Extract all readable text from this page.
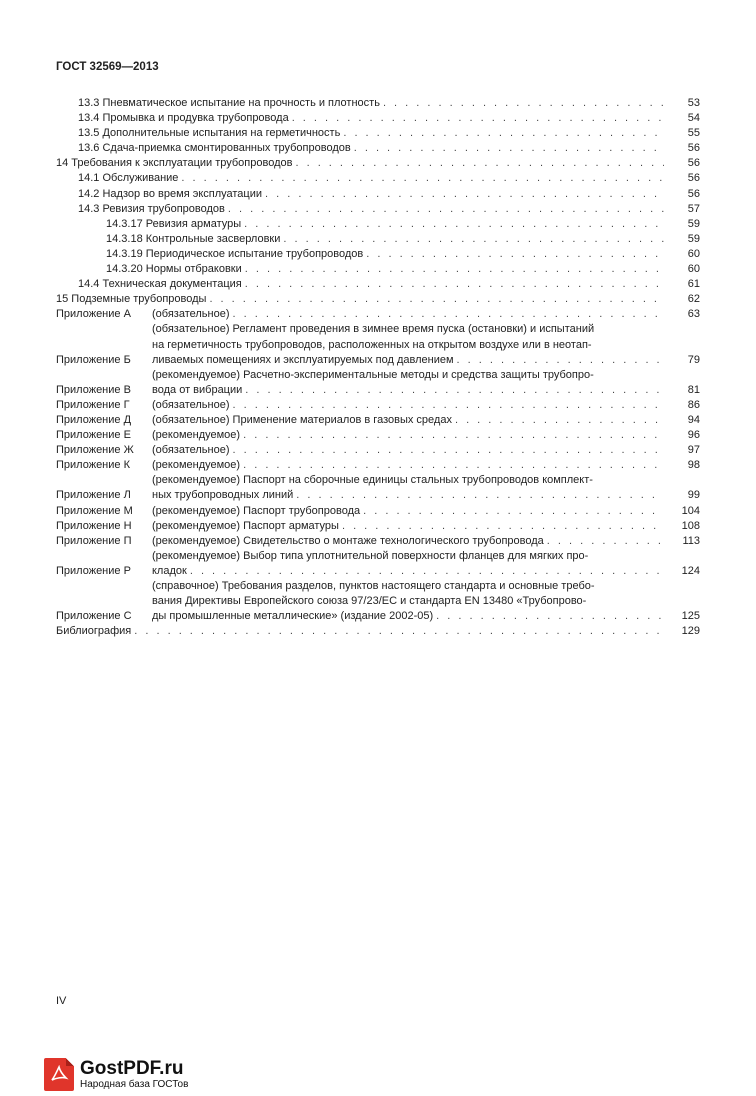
ГОСТ 32569—2013
13.3 Пневматическое испытание на прочность и плотность . . .	53
13.4 Промывка и продувка трубопровода . . .	54
13.5 Дополнительные испытания на герметичность . . .	55
13.6 Сдача-приемка смонтированных трубопроводов . . .	56
14 Требования к эксплуатации трубопроводов . . .	56
14.1 Обслуживание . . .	56
14.2 Надзор во время эксплуатации . . .	56
14.3 Ревизия трубопроводов . . .	57
14.3.17 Ревизия арматуры . . .	59
14.3.18 Контрольные засверловки . . .	59
14.3.19 Периодическое испытание трубопроводов . . .	60
14.3.20 Нормы отбраковки . . .	60
14.4 Техническая документация . . .	61
15 Подземные трубопроводы . . .	62
Приложение А	(обязательное) . . .	63
Приложение Б
(обязательное) Регламент проведения в зимнее время пуска (остановки) и испытаний
на герметичность трубопроводов, расположенных на открытом воздухе или в неотап-
ливаемых помещениях и эксплуатируемых под давлением . . .	79
Приложение В
(рекомендуемое) Расчетно-экспериментальные методы и средства защиты трубопро-
вода от вибрации . . .	81
Приложение Г	(обязательное) . . .	86
Приложение Д	(обязательное) Применение материалов в газовых средах . . .	94
Приложение Е	(рекомендуемое) . . .	96
Приложение Ж	(обязательное) . . .	97
Приложение К	(рекомендуемое) . . .	98
Приложение Л
(рекомендуемое) Паспорт на сборочные единицы стальных трубопроводов комплект-
ных трубопроводных линий . . .	99
Приложение М	(рекомендуемое) Паспорт трубопровода . . .	104
Приложение Н	(рекомендуемое) Паспорт арматуры . . .	108
Приложение П	(рекомендуемое) Свидетельство о монтаже технологического трубопровода . . .	113
Приложение Р
(рекомендуемое) Выбор типа уплотнительной поверхности фланцев для мягких про-
кладок . . .	124
Приложение С
(справочное) Требования разделов, пунктов настоящего стандарта и основные требо-
вания Директивы Европейского союза 97/23/ЕС и стандарта EN 13480 «Трубопрово-
ды промышленные металлические» (издание 2002-05) . . .	125
Библиография . . .	129
IV
GostPDF.ru
Народная база ГОСТов
